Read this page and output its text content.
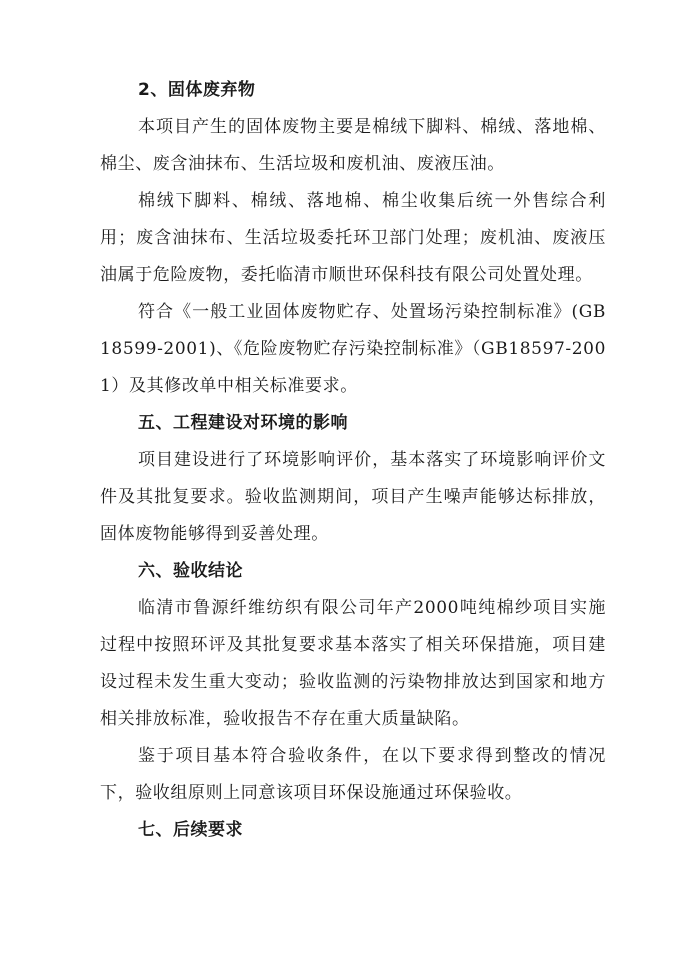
2、固体废弃物

本项目产生的固体废物主要是棉绒下脚料、棉绒、落地棉、棉尘、废含油抹布、生活垃圾和废机油、废液压油。

棉绒下脚料、棉绒、落地棉、棉尘收集后统一外售综合利用；废含油抹布、生活垃圾委托环卫部门处理；废机油、废液压油属于危险废物，委托临清市顺世环保科技有限公司处置处理。

符合《一般工业固体废物贮存、处置场污染控制标准》(GB18599-2001)、《危险废物贮存污染控制标准》（GB18597-2001）及其修改单中相关标准要求。

五、工程建设对环境的影响

项目建设进行了环境影响评价，基本落实了环境影响评价文件及其批复要求。验收监测期间，项目产生噪声能够达标排放，固体废物能够得到妥善处理。

六、验收结论

临清市鲁源纤维纺织有限公司年产2000吨纯棉纱项目实施过程中按照环评及其批复要求基本落实了相关环保措施，项目建设过程未发生重大变动；验收监测的污染物排放达到国家和地方相关排放标准，验收报告不存在重大质量缺陷。

鉴于项目基本符合验收条件，在以下要求得到整改的情况下，验收组原则上同意该项目环保设施通过环保验收。

七、后续要求
